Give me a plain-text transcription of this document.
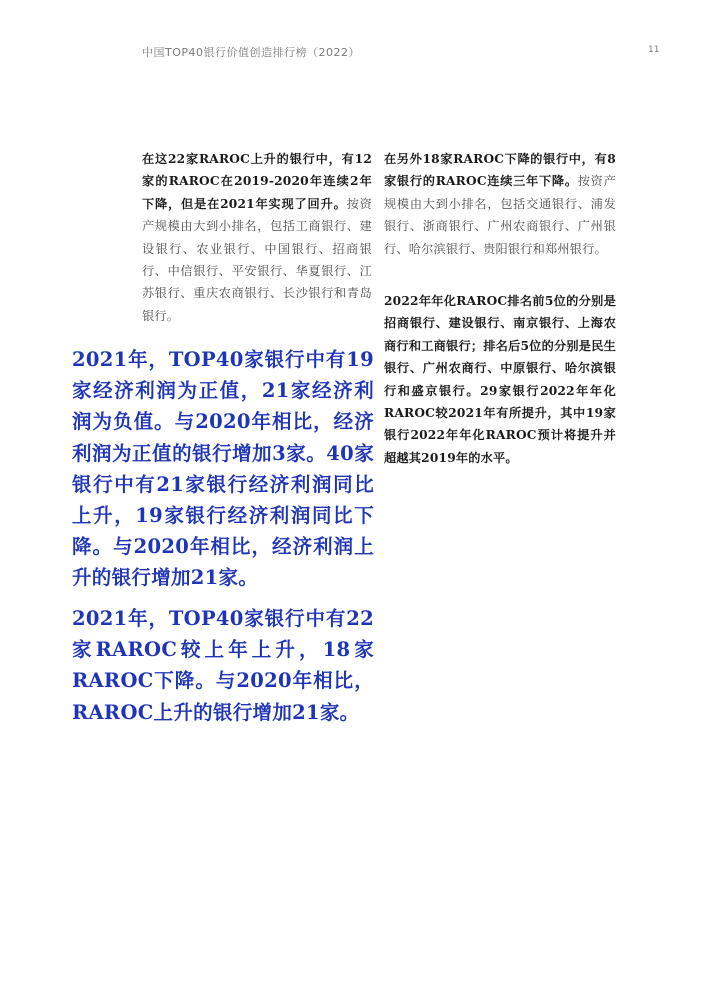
中国TOP40银行价值创造排行榜（2022）	11
在这22家RAROC上升的银行中，有12家的RAROC在2019-2020年连续2年下降，但是在2021年实现了回升。按资产规模由大到小排名，包括工商银行、建设银行、农业银行、中国银行、招商银行、中信银行、平安银行、华夏银行、江苏银行、重庆农商银行、长沙银行和青岛银行。
在另外18家RAROC下降的银行中，有8家银行的RAROC连续三年下降。按资产规模由大到小排名，包括交通银行、浦发银行、浙商银行、广州农商银行、广州银行、哈尔滨银行、贵阳银行和郑州银行。
2022年年化RAROC排名前5位的分别是招商银行、建设银行、南京银行、上海农商行和工商银行；排名后5位的分别是民生银行、广州农商行、中原银行、哈尔滨银行和盛京银行。29家银行2022年年化RAROC较2021年有所提升，其中19家银行2022年年化RAROC预计将提升并超越其2019年的水平。
2021年，TOP40家银行中有19家经济利润为正值，21家经济利润为负值。与2020年相比，经济利润为正值的银行增加3家。40家银行中有21家银行经济利润同比上升，19家银行经济利润同比下降。与2020年相比，经济利润上升的银行增加21家。
2021年，TOP40家银行中有22家RAROC较上年上升，18家RAROC下降。与2020年相比，RAROC上升的银行增加21家。
